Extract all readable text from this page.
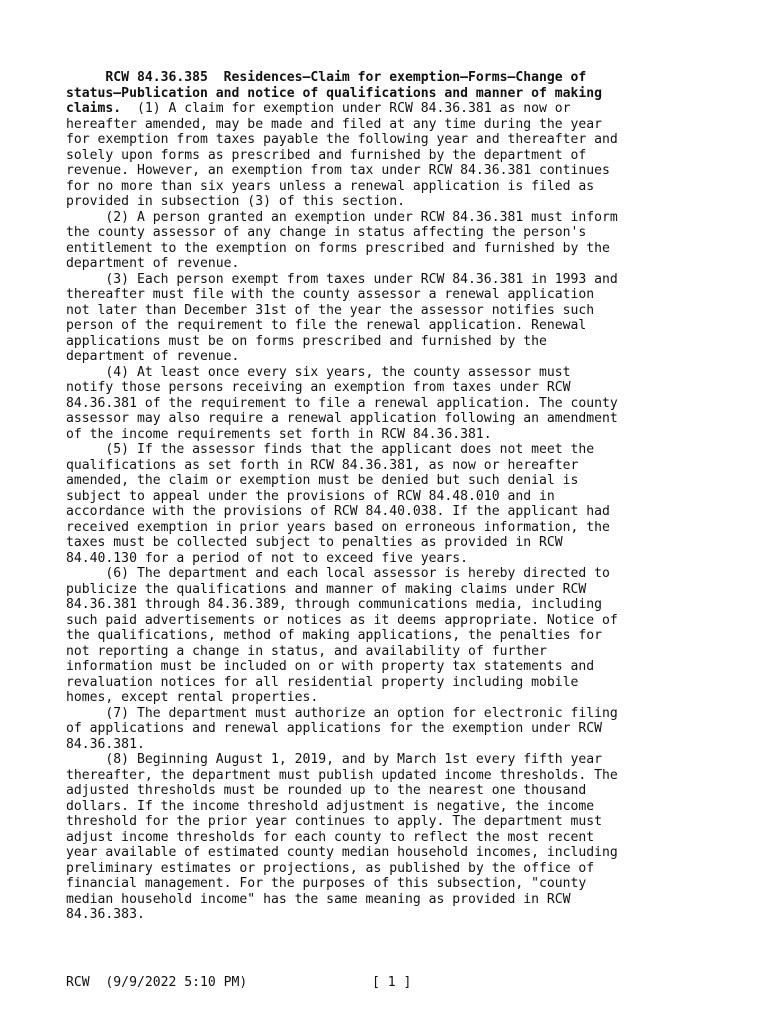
RCW 84.36.385  Residences—Claim for exemption—Forms—Change of
status—Publication and notice of qualifications and manner of making
claims.  (1) A claim for exemption under RCW 84.36.381 as now or
hereafter amended, may be made and filed at any time during the year
for exemption from taxes payable the following year and thereafter and
solely upon forms as prescribed and furnished by the department of
revenue. However, an exemption from tax under RCW 84.36.381 continues
for no more than six years unless a renewal application is filed as
provided in subsection (3) of this section.
(2) A person granted an exemption under RCW 84.36.381 must inform
the county assessor of any change in status affecting the person's
entitlement to the exemption on forms prescribed and furnished by the
department of revenue.
(3) Each person exempt from taxes under RCW 84.36.381 in 1993 and
thereafter must file with the county assessor a renewal application
not later than December 31st of the year the assessor notifies such
person of the requirement to file the renewal application. Renewal
applications must be on forms prescribed and furnished by the
department of revenue.
(4) At least once every six years, the county assessor must
notify those persons receiving an exemption from taxes under RCW
84.36.381 of the requirement to file a renewal application. The county
assessor may also require a renewal application following an amendment
of the income requirements set forth in RCW 84.36.381.
(5) If the assessor finds that the applicant does not meet the
qualifications as set forth in RCW 84.36.381, as now or hereafter
amended, the claim or exemption must be denied but such denial is
subject to appeal under the provisions of RCW 84.48.010 and in
accordance with the provisions of RCW 84.40.038. If the applicant had
received exemption in prior years based on erroneous information, the
taxes must be collected subject to penalties as provided in RCW
84.40.130 for a period of not to exceed five years.
(6) The department and each local assessor is hereby directed to
publicize the qualifications and manner of making claims under RCW
84.36.381 through 84.36.389, through communications media, including
such paid advertisements or notices as it deems appropriate. Notice of
the qualifications, method of making applications, the penalties for
not reporting a change in status, and availability of further
information must be included on or with property tax statements and
revaluation notices for all residential property including mobile
homes, except rental properties.
(7) The department must authorize an option for electronic filing
of applications and renewal applications for the exemption under RCW
84.36.381.
(8) Beginning August 1, 2019, and by March 1st every fifth year
thereafter, the department must publish updated income thresholds. The
adjusted thresholds must be rounded up to the nearest one thousand
dollars. If the income threshold adjustment is negative, the income
threshold for the prior year continues to apply. The department must
adjust income thresholds for each county to reflect the most recent
year available of estimated county median household incomes, including
preliminary estimates or projections, as published by the office of
financial management. For the purposes of this subsection, "county
median household income" has the same meaning as provided in RCW
84.36.383.

RCW  (9/9/2022 5:10 PM)

	[ 1 ]
